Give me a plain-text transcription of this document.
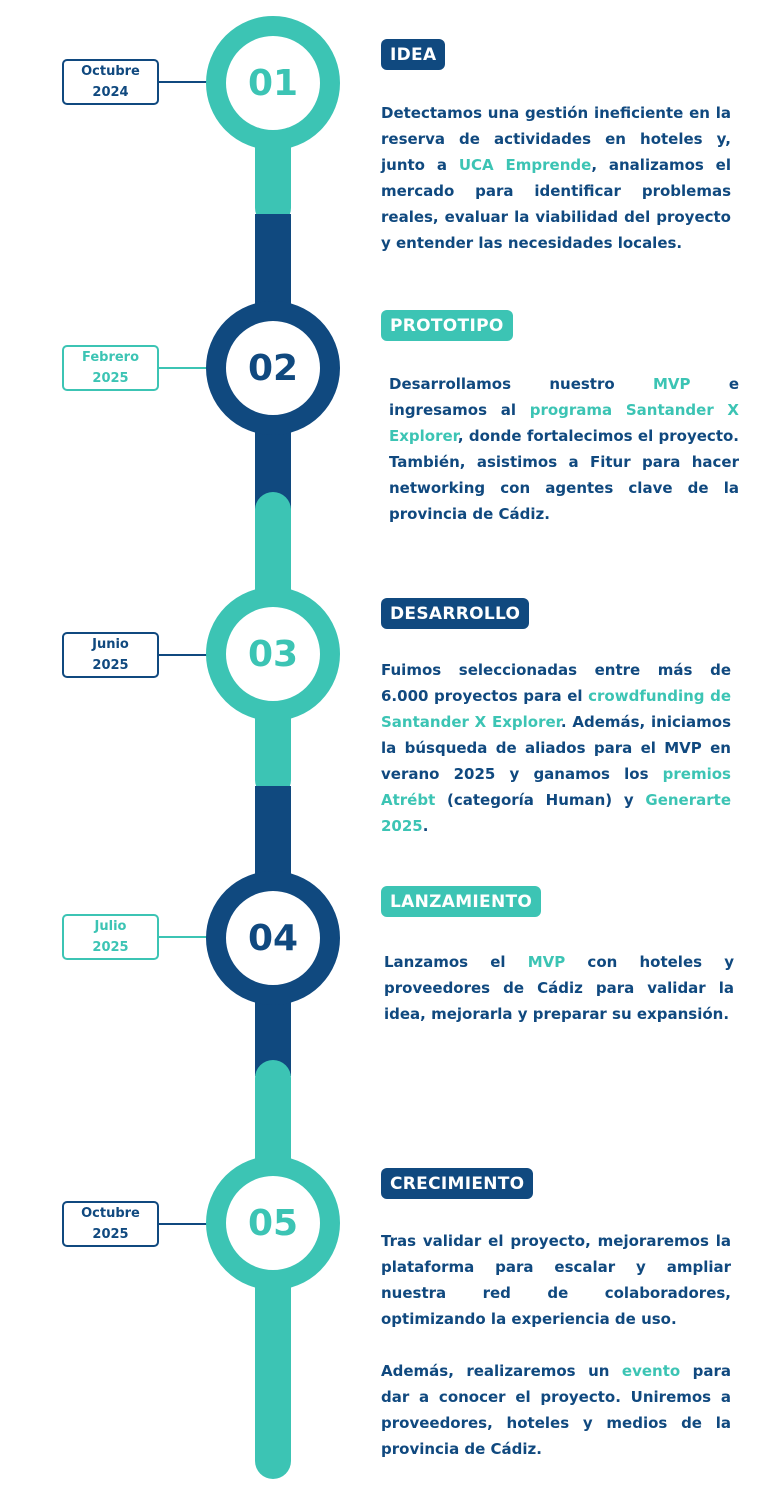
Octubre
2024	01
IDEA

Detectamos una gestión ineficiente en la reserva de actividades en hoteles y, junto a UCA Emprende, analizamos el mercado para identificar problemas reales, evaluar la viabilidad del proyecto y entender las necesidades locales.

Febrero
2025	02
PROTOTIPO

Desarrollamos nuestro MVP e ingresamos al programa Santander X Explorer, donde fortalecimos el proyecto. También, asistimos a Fitur para hacer networking con agentes clave de la provincia de Cádiz.

Junio
2025	03
DESARROLLO

Fuimos seleccionadas entre más de 6.000 proyectos para el crowdfunding de Santander X Explorer. Además, iniciamos la búsqueda de aliados para el MVP en verano 2025 y ganamos los premios Atrébt (categoría Human) y Generarte 2025.

Julio
2025	04
LANZAMIENTO

Lanzamos el MVP con hoteles y proveedores de Cádiz para validar la idea, mejorarla y preparar su expansión.

Octubre
2025	05
CRECIMIENTO

Tras validar el proyecto, mejoraremos la plataforma para escalar y ampliar nuestra red de colaboradores, optimizando la experiencia de uso.

Además, realizaremos un evento para dar a conocer el proyecto. Uniremos a proveedores, hoteles y medios de la provincia de Cádiz.
